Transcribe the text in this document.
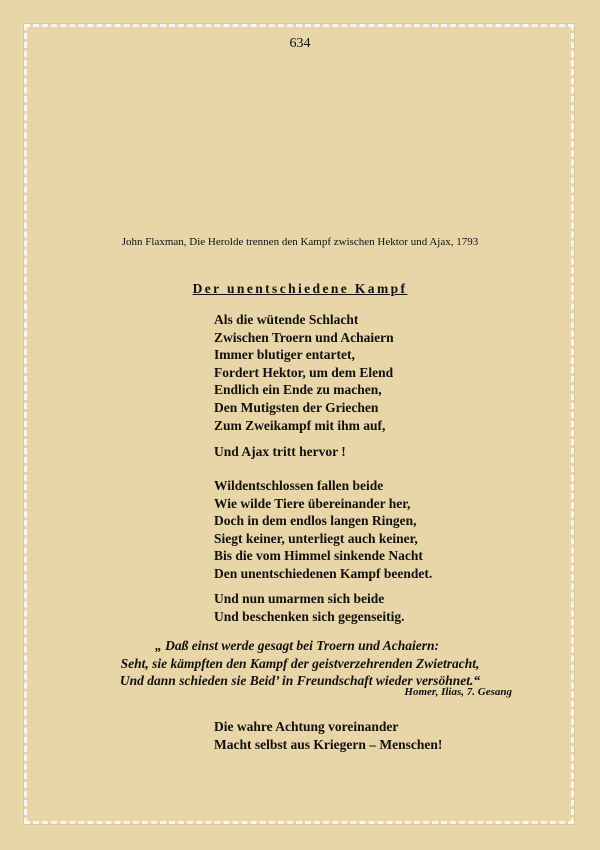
634
John Flaxman, Die Herolde trennen den Kampf zwischen Hektor und Ajax, 1793
Der unentschiedene Kampf
Als die wütende Schlacht
Zwischen Troern und Achaiern
Immer blutiger entartet,
Fordert Hektor, um dem Elend
Endlich ein Ende zu machen,
Den Mutigsten der Griechen
Zum Zweikampf mit ihm auf,
Und Ajax tritt hervor !
Wildentschlossen fallen beide
Wie wilde Tiere übereinander her,
Doch in dem endlos langen Ringen,
Siegt keiner, unterliegt auch keiner,
Bis die vom Himmel sinkende Nacht
Den unentschiedenen Kampf beendet.
Und nun umarmen sich beide
Und beschenken sich gegenseitig.
„ Daß einst werde gesagt bei Troern und Achaiern:
Seht, sie kämpften den Kampf der geistverzehrenden Zwietracht,
Und dann schieden sie Beid’ in Freundschaft wieder versöhnet.“
Homer, Ilias, 7. Gesang
Die wahre Achtung voreinander
Macht selbst aus Kriegern – Menschen!
